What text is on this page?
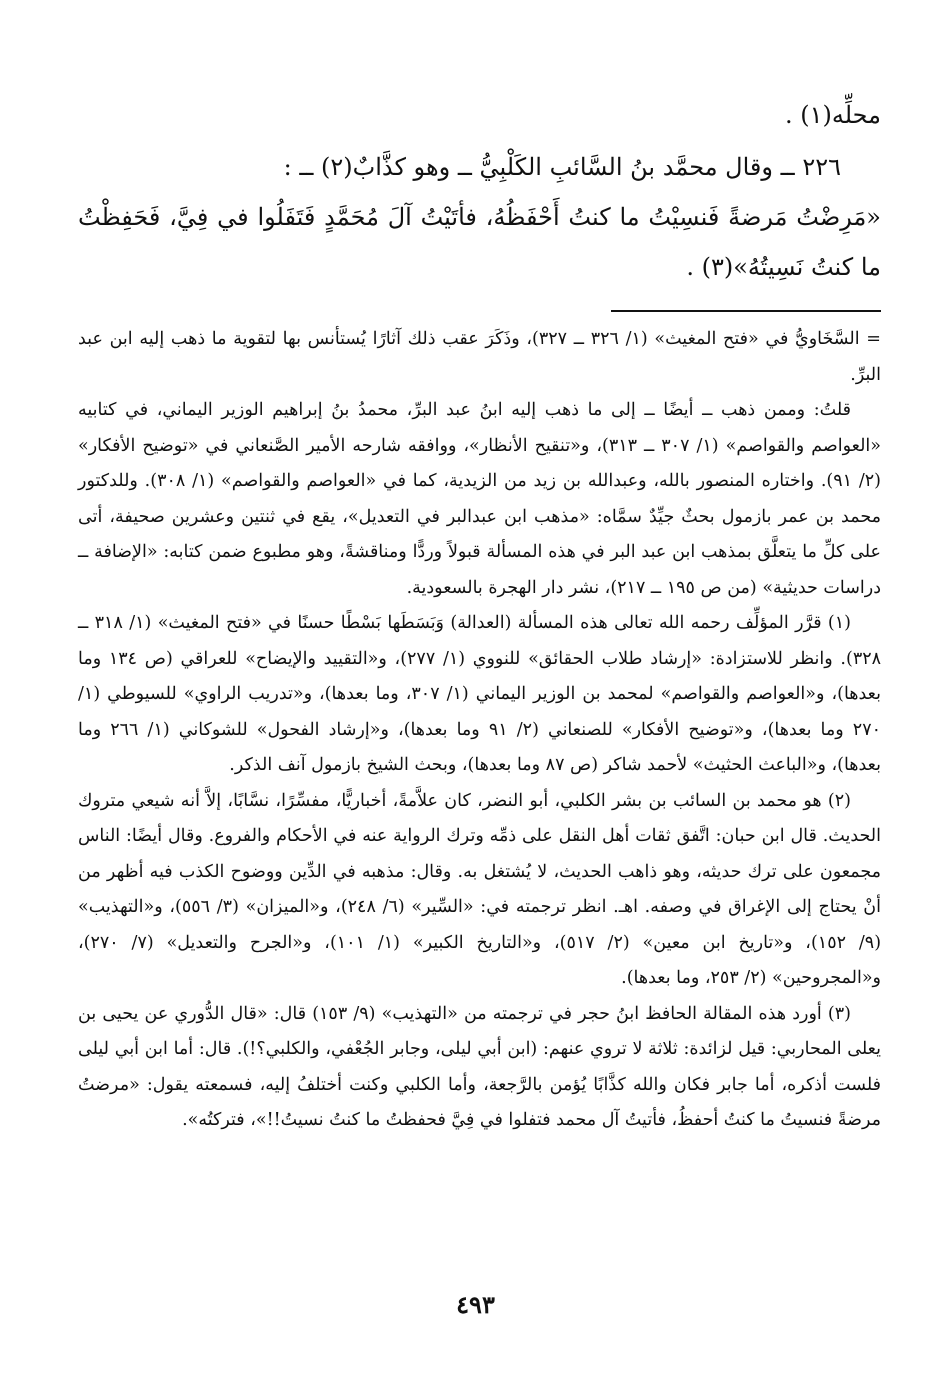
محلِّه(١) .

٢٢٦ ــ وقال محمَّد بنُ السَّائبِ الكَلْبِيُّ ــ وهو كذَّابٌ(٢) ــ :

«مَرِضْتُ مَرضةً فَنسِيْتُ ما كنتُ أَحْفَظُهُ، فأتَيْتُ آلَ مُحَمَّدٍ فَتَفَلُوا في فِيَّ، فَحَفِظْتُ ما كنتُ نَسِيتُهُ»(٣) .

= السَّخَاويُّ في «فتح المغيث» (١/ ٣٢٦ ــ ٣٢٧)، وذَكَرَ عقب ذلك آثارًا يُستأنس بها لتقوية ما ذهب إليه ابن عبد البرِّ.

قلتُ: وممن ذهب ــ أيضًا ــ إلى ما ذهب إليه ابنُ عبد البرِّ، محمدُ بنُ إبراهيم الوزير اليماني، في كتابيه «العواصم والقواصم» (١/ ٣٠٧ ــ ٣١٣)، و«تنقيح الأنظار»، ووافقه شارحه الأمير الصَّنعاني في «توضيح الأفكار» (٢/ ٩١). واختاره المنصور بالله، وعبدالله بن زيد من الزيدية، كما في «العواصم والقواصم» (١/ ٣٠٨). وللدكتور محمد بن عمر بازمول بحثٌ جيِّدٌ سمَّاه: «مذهب ابن عبدالبر في التعديل»، يقع في ثنتين وعشرين صحيفة، أتى على كلِّ ما يتعلَّق بمذهب ابن عبد البر في هذه المسألة قبولاً وردًّا ومناقشةً، وهو مطبوع ضمن كتابه: «الإضافة ــ دراسات حديثية» (من ص ١٩٥ ــ ٢١٧)، نشر دار الهجرة بالسعودية.

(١) قرَّر المؤلِّف رحمه الله تعالى هذه المسألة (العدالة) وَبَسَطَها بَسْطًا حسنًا في «فتح المغيث» (١/ ٣١٨ ــ ٣٢٨). وانظر للاستزادة: «إرشاد طلاب الحقائق» للنووي (١/ ٢٧٧)، و«التقييد والإيضاح» للعراقي (ص ١٣٤ وما بعدها)، و«العواصم والقواصم» لمحمد بن الوزير اليماني (١/ ٣٠٧، وما بعدها)، و«تدريب الراوي» للسيوطي (١/ ٢٧٠ وما بعدها)، و«توضيح الأفكار» للصنعاني (٢/ ٩١ وما بعدها)، و«إرشاد الفحول» للشوكاني (١/ ٢٦٦ وما بعدها)، و«الباعث الحثيث» لأحمد شاكر (ص ٨٧ وما بعدها)، وبحث الشيخ بازمول آنف الذكر.

(٢) هو محمد بن السائب بن بشر الكلبي، أبو النضر، كان علاَّمةً، أخباريًّا، مفسِّرًا، نسَّابًا، إلاَّ أنه شيعي متروك الحديث. قال ابن حبان: اتَّفق ثقات أهل النقل على ذمِّه وترك الرواية عنه في الأحكام والفروع. وقال أيضًا: الناس مجمعون على ترك حديثه، وهو ذاهب الحديث، لا يُشتغل به. وقال: مذهبه في الدِّين ووضوح الكذب فيه أظهر من أنْ يحتاج إلى الإغراق في وصفه. اهـ. انظر ترجمته في: «السِّير» (٦/ ٢٤٨)، و«الميزان» (٣/ ٥٥٦)، و«التهذيب» (٩/ ١٥٢)، و«تاريخ ابن معين» (٢/ ٥١٧)، و«التاريخ الكبير» (١/ ١٠١)، و«الجرح والتعديل» (٧/ ٢٧٠)، و«المجروحين» (٢/ ٢٥٣، وما بعدها).

(٣) أورد هذه المقالة الحافظ ابنُ حجر في ترجمته من «التهذيب» (٩/ ١٥٣) قال: «قال الدُّوري عن يحيى بن يعلى المحاربي: قيل لزائدة: ثلاثة لا تروي عنهم: (ابن أبي ليلى، وجابر الجُعْفي، والكلبي؟!). قال: أما ابن أبي ليلى فلست أذكره، أما جابر فكان والله كذَّابًا يُؤمن بالرَّجعة، وأما الكلبي وكنت أختلفُ إليه، فسمعته يقول: «مرضتُ مرضةً فنسيتُ ما كنتُ أحفظُ، فأتيتُ آل محمد فتفلوا في فِيَّ فحفظتُ ما كنتُ نسيتُ!!»، فتركتُه».

٤٩٣
